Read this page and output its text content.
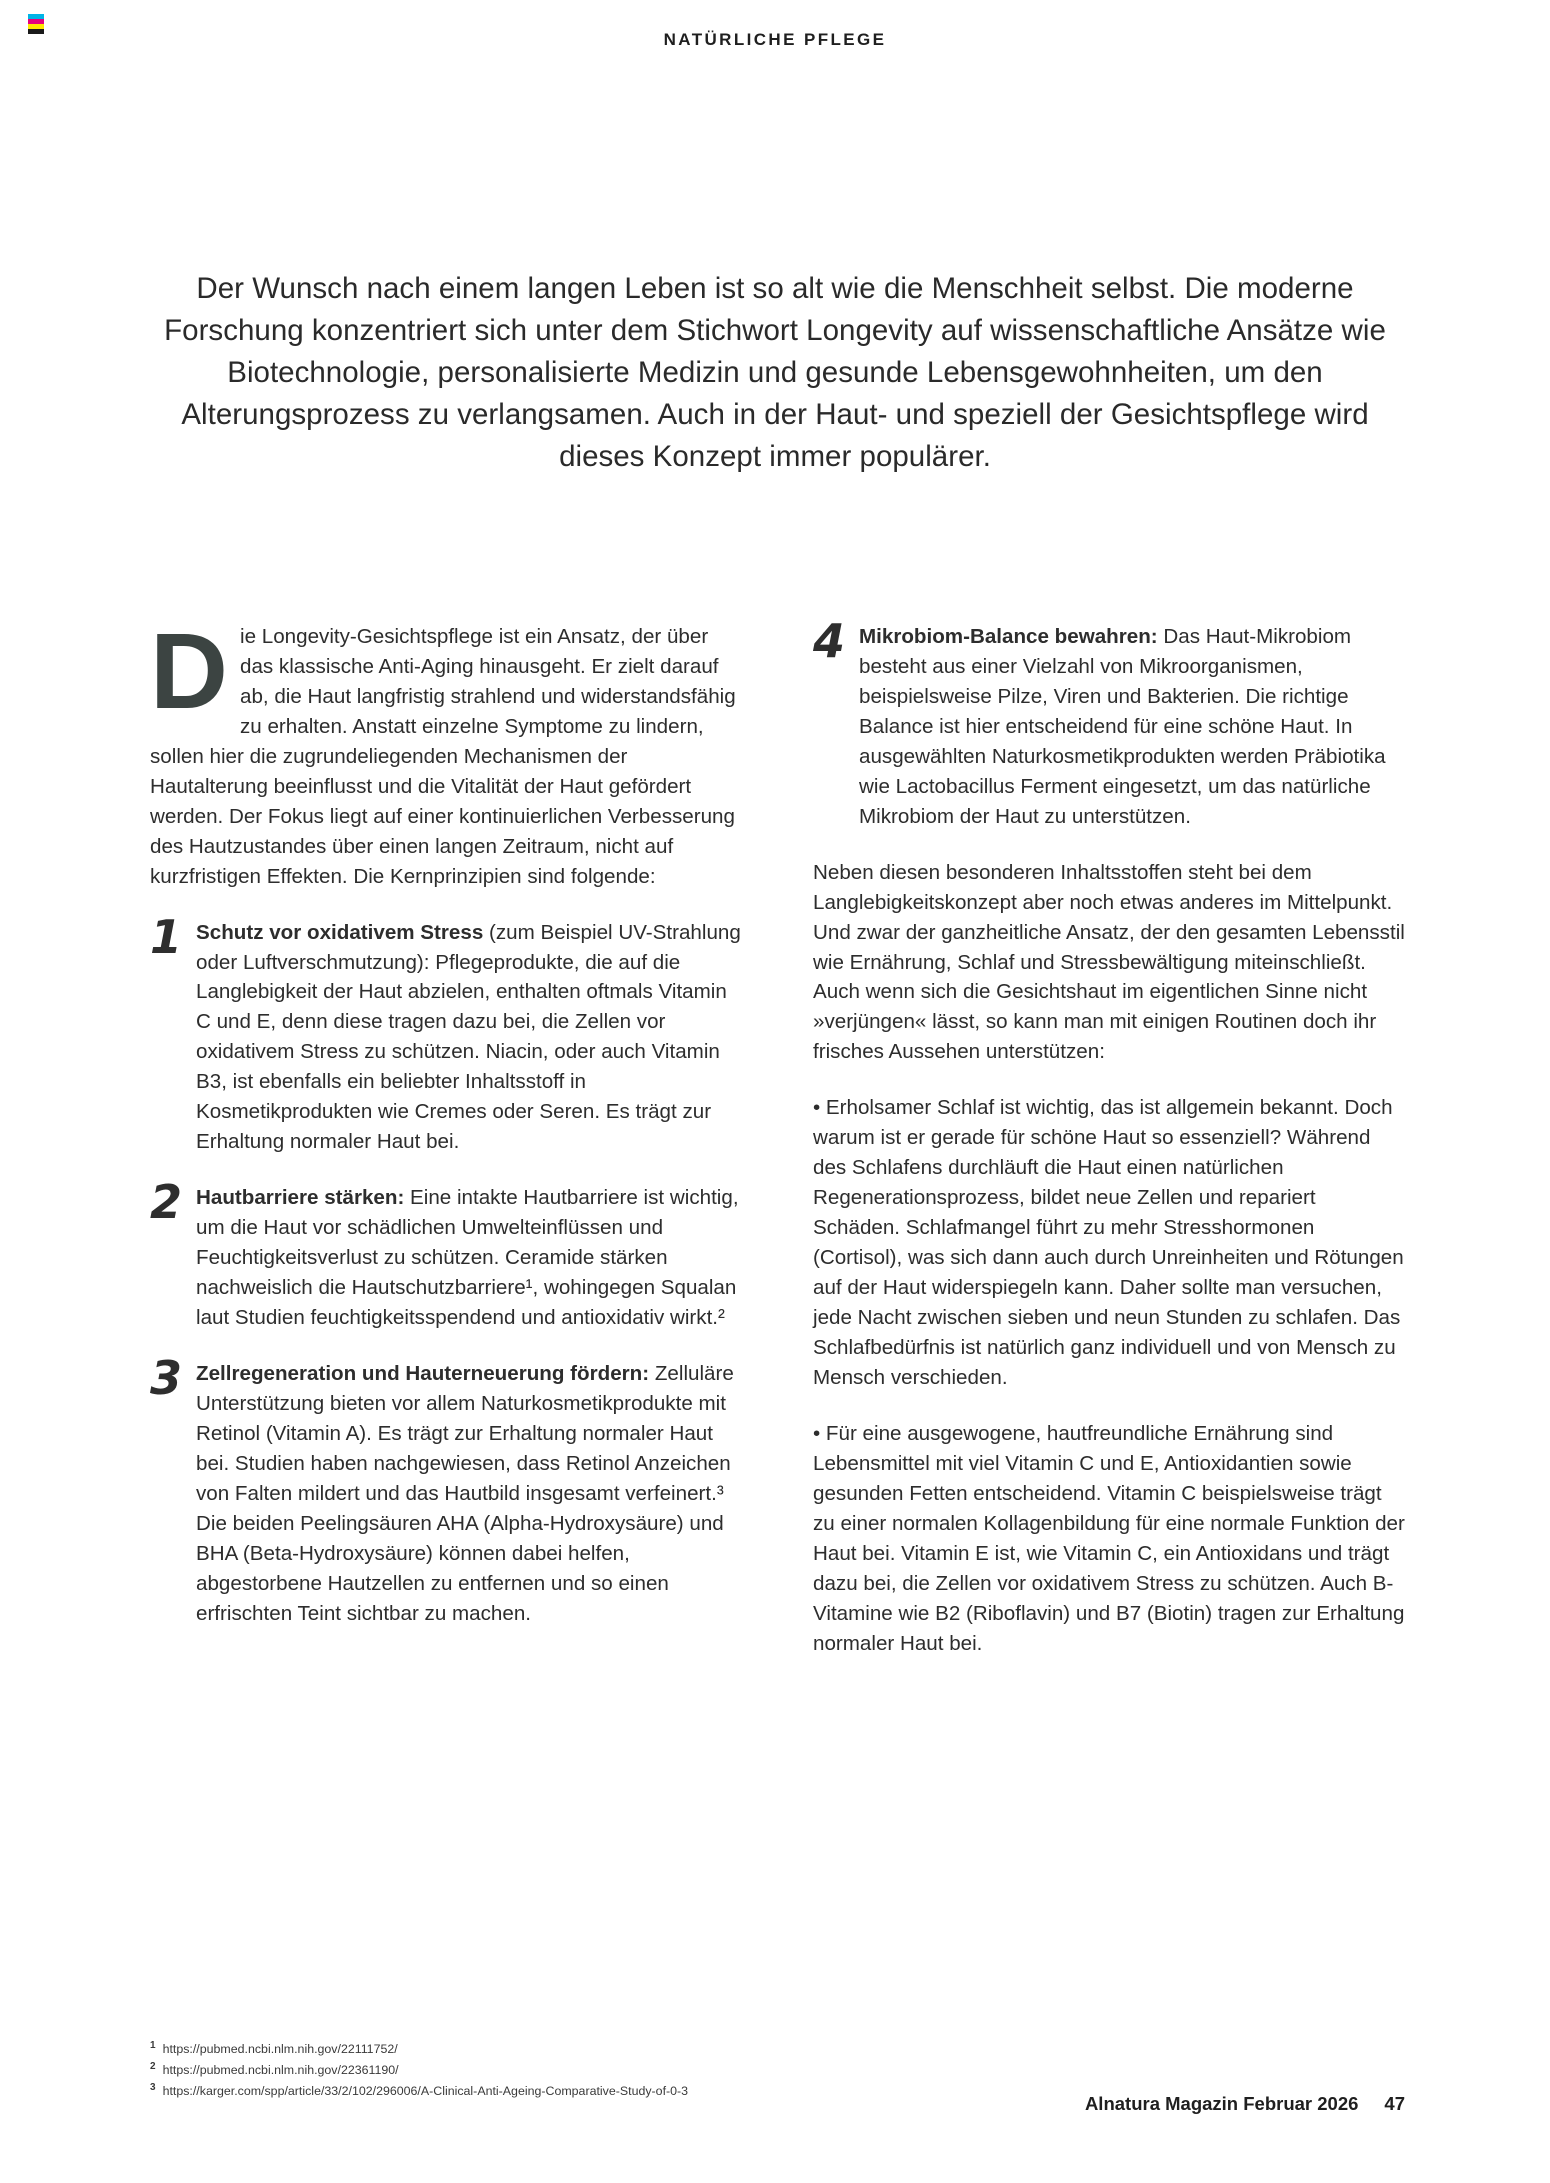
NATÜRLICHE PFLEGE
Der Wunsch nach einem langen Leben ist so alt wie die Menschheit selbst. Die moderne Forschung konzentriert sich unter dem Stichwort Longevity auf wissenschaftliche Ansätze wie Biotechnologie, personalisierte Medizin und gesunde Lebensgewohnheiten, um den Alterungsprozess zu verlangsamen. Auch in der Haut- und speziell der Gesichtspflege wird dieses Konzept immer populärer.

Die Longevity-Gesichtspflege ist ein Ansatz, der über das klassische Anti-Aging hinausgeht. Er zielt darauf ab, die Haut langfristig strahlend und widerstandsfähig zu erhalten. Anstatt einzelne Symptome zu lindern, sollen hier die zugrundeliegenden Mechanismen der Hautalterung beeinflusst und die Vitalität der Haut gefördert werden. Der Fokus liegt auf einer kontinuierlichen Verbesserung des Hautzustandes über einen langen Zeitraum, nicht auf kurzfristigen Effekten. Die Kernprinzipien sind folgende:

1 Schutz vor oxidativem Stress (zum Beispiel UV-Strahlung oder Luftverschmutzung): Pflegeprodukte, die auf die Langlebigkeit der Haut abzielen, enthalten oftmals Vitamin C und E, denn diese tragen dazu bei, die Zellen vor oxidativem Stress zu schützen. Niacin, oder auch Vitamin B3, ist ebenfalls ein beliebter Inhaltsstoff in Kosmetikprodukten wie Cremes oder Seren. Es trägt zur Erhaltung normaler Haut bei.

2 Hautbarriere stärken: Eine intakte Hautbarriere ist wichtig, um die Haut vor schädlichen Umwelteinflüssen und Feuchtigkeitsverlust zu schützen. Ceramide stärken nachweislich die Hautschutzbarriere¹, wohingegen Squalan laut Studien feuchtigkeitsspendend und antioxidativ wirkt.²

3 Zellregeneration und Hauterneuerung fördern: Zelluläre Unterstützung bieten vor allem Naturkosmetikprodukte mit Retinol (Vitamin A). Es trägt zur Erhaltung normaler Haut bei. Studien haben nachgewiesen, dass Retinol Anzeichen von Falten mildert und das Hautbild insgesamt verfeinert.³ Die beiden Peelingsäuren AHA (Alpha-Hydroxysäure) und BHA (Beta-Hydroxysäure) können dabei helfen, abgestorbene Hautzellen zu entfernen und so einen erfrischten Teint sichtbar zu machen.

4 Mikrobiom-Balance bewahren: Das Haut-Mikrobiom besteht aus einer Vielzahl von Mikroorganismen, beispielsweise Pilze, Viren und Bakterien. Die richtige Balance ist hier entscheidend für eine schöne Haut. In ausgewählten Naturkosmetikprodukten werden Präbiotika wie Lactobacillus Ferment eingesetzt, um das natürliche Mikrobiom der Haut zu unterstützen.

Neben diesen besonderen Inhaltsstoffen steht bei dem Langlebigkeitskonzept aber noch etwas anderes im Mittelpunkt. Und zwar der ganzheitliche Ansatz, der den gesamten Lebensstil wie Ernährung, Schlaf und Stressbewältigung miteinschließt. Auch wenn sich die Gesichtshaut im eigentlichen Sinne nicht »verjüngen« lässt, so kann man mit einigen Routinen doch ihr frisches Aussehen unterstützen:

• Erholsamer Schlaf ist wichtig, das ist allgemein bekannt. Doch warum ist er gerade für schöne Haut so essenziell? Während des Schlafens durchläuft die Haut einen natürlichen Regenerationsprozess, bildet neue Zellen und repariert Schäden. Schlafmangel führt zu mehr Stresshormonen (Cortisol), was sich dann auch durch Unreinheiten und Rötungen auf der Haut widerspiegeln kann. Daher sollte man versuchen, jede Nacht zwischen sieben und neun Stunden zu schlafen. Das Schlafbedürfnis ist natürlich ganz individuell und von Mensch zu Mensch verschieden.

• Für eine ausgewogene, hautfreundliche Ernährung sind Lebensmittel mit viel Vitamin C und E, Antioxidantien sowie gesunden Fetten entscheidend. Vitamin C beispielsweise trägt zu einer normalen Kollagenbildung für eine normale Funktion der Haut bei. Vitamin E ist, wie Vitamin C, ein Antioxidans und trägt dazu bei, die Zellen vor oxidativem Stress zu schützen. Auch B-Vitamine wie B2 (Riboflavin) und B7 (Biotin) tragen zur Erhaltung normaler Haut bei.

$^1$ https://pubmed.ncbi.nlm.nih.gov/22111752/
$^2$ https://pubmed.ncbi.nlm.nih.gov/22361190/
$^3$ https://karger.com/spp/article/33/2/102/296006/A-Clinical-Anti-Ageing-Comparative-Study-of-0-3
Alnatura Magazin Februar 2026 47
